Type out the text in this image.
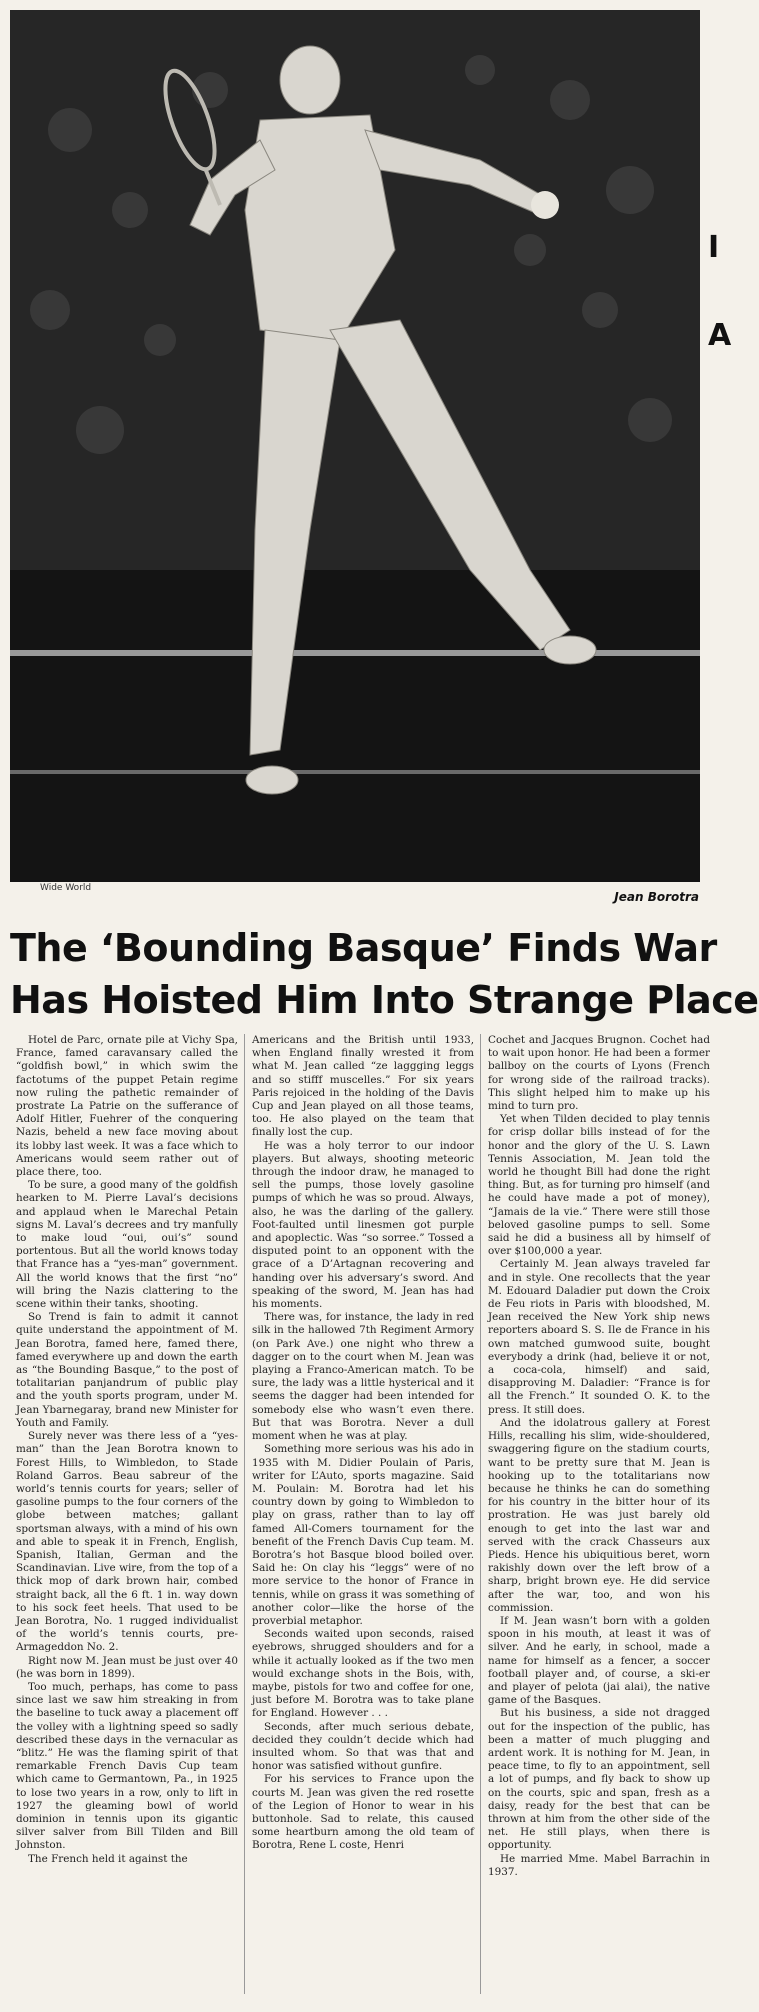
Wide World
Jean Borotra
I
A
The ‘Bounding Basque’ Finds War
Has Hoisted Him Into Strange Place

Hotel de Parc, ornate pile at Vichy Spa, France, famed caravansary called the “goldfish bowl,” in which swim the factotums of the puppet Petain regime now ruling the pathetic remainder of prostrate La Patrie on the sufferance of Adolf Hitler, Fuehrer of the conquering Nazis, beheld a new face moving about its lobby last week. It was a face which to Americans would seem rather out of place there, too.

To be sure, a good many of the goldfish hearken to M. Pierre Laval’s decisions and applaud when le Marechal Petain signs M. Laval’s decrees and try manfully to make loud “oui, oui’s” sound portentous. But all the world knows today that France has a “yes-man” government. All the world knows that the first “no” will bring the Nazis clattering to the scene within their tanks, shooting.

So Trend is fain to admit it cannot quite understand the appointment of M. Jean Borotra, famed here, famed there, famed everywhere up and down the earth as “the Bounding Basque,” to the post of totalitarian panjandrum of public play and the youth sports program, under M. Jean Ybarnegaray, brand new Minister for Youth and Family.

Surely never was there less of a “yes-man” than the Jean Borotra known to Forest Hills, to Wimbledon, to Stade Roland Garros. Beau sabreur of the world’s tennis courts for years; seller of gasoline pumps to the four corners of the globe between matches; gallant sportsman always, with a mind of his own and able to speak it in French, English, Spanish, Italian, German and the Scandinavian. Live wire, from the top of a thick mop of dark brown hair, combed straight back, all the 6 ft. 1 in. way down to his sock feet heels. That used to be Jean Borotra, No. 1 rugged individualist of the world’s tennis courts, pre-Armageddon No. 2.

Right now M. Jean must be just over 40 (he was born in 1899).

Too much, perhaps, has come to pass since last we saw him streaking in from the baseline to tuck away a placement off the volley with a lightning speed so sadly described these days in the vernacular as “blitz.” He was the flaming spirit of that remarkable French Davis Cup team which came to Germantown, Pa., in 1925 to lose two years in a row, only to lift in 1927 the gleaming bowl of world dominion in tennis upon its gigantic silver salver from Bill Tilden and Bill Johnston.

The French held it against the

Americans and the British until 1933, when England finally wrested it from what M. Jean called “ze laggging leggs and so stifff muscelles.” For six years Paris rejoiced in the holding of the Davis Cup and Jean played on all those teams, too. He also played on the team that finally lost the cup.

He was a holy terror to our indoor players. But always, shooting meteoric through the indoor draw, he managed to sell the pumps, those lovely gasoline pumps of which he was so proud. Always, also, he was the darling of the gallery. Foot-faulted until linesmen got purple and apoplectic. Was “so sorree.” Tossed a disputed point to an opponent with the grace of a D’Artagnan recovering and handing over his adversary’s sword. And speaking of the sword, M. Jean has had his moments.

There was, for instance, the lady in red silk in the hallowed 7th Regiment Armory (on Park Ave.) one night who threw a dagger on to the court when M. Jean was playing a Franco-American match. To be sure, the lady was a little hysterical and it seems the dagger had been intended for somebody else who wasn’t even there. But that was Borotra. Never a dull moment when he was at play.

Something more serious was his ado in 1935 with M. Didier Poulain of Paris, writer for L’Auto, sports magazine. Said M. Poulain: M. Borotra had let his country down by going to Wimbledon to play on grass, rather than to lay off famed All-Comers tournament for the benefit of the French Davis Cup team. M. Borotra’s hot Basque blood boiled over. Said he: On clay his “leggs” were of no more service to the honor of France in tennis, while on grass it was something of another color—like the horse of the proverbial metaphor.

Seconds waited upon seconds, raised eyebrows, shrugged shoulders and for a while it actually looked as if the two men would exchange shots in the Bois, with, maybe, pistols for two and coffee for one, just before M. Borotra was to take plane for England. However . . .

Seconds, after much serious debate, decided they couldn’t decide which had insulted whom. So that was that and honor was satisfied without gunfire.

For his services to France upon the courts M. Jean was given the red rosette of the Legion of Honor to wear in his buttonhole. Sad to relate, this caused some heartburn among the old team of Borotra, Rene L coste, Henri

Cochet and Jacques Brugnon. Cochet had to wait upon honor. He had been a former ballboy on the courts of Lyons (French for wrong side of the railroad tracks). This slight helped him to make up his mind to turn pro.

Yet when Tilden decided to play tennis for crisp dollar bills instead of for the honor and the glory of the U. S. Lawn Tennis Association, M. Jean told the world he thought Bill had done the right thing. But, as for turning pro himself (and he could have made a pot of money), “Jamais de la vie.” There were still those beloved gasoline pumps to sell. Some said he did a business all by himself of over $100,000 a year.

Certainly M. Jean always traveled far and in style. One recollects that the year M. Edouard Daladier put down the Croix de Feu riots in Paris with bloodshed, M. Jean received the New York ship news reporters aboard S. S. Ile de France in his own matched gumwood suite, bought everybody a drink (had, believe it or not, a coca-cola, himself) and said, disapproving M. Daladier: “France is for all the French.” It sounded O. K. to the press. It still does.

And the idolatrous gallery at Forest Hills, recalling his slim, wide-shouldered, swaggering figure on the stadium courts, want to be pretty sure that M. Jean is hooking up to the totalitarians now because he thinks he can do something for his country in the bitter hour of its prostration. He was just barely old enough to get into the last war and served with the crack Chasseurs aux Pieds. Hence his ubiquitious beret, worn rakishly down over the left brow of a sharp, bright brown eye. He did service after the war, too, and won his commission.

If M. Jean wasn’t born with a golden spoon in his mouth, at least it was of silver. And he early, in school, made a name for himself as a fencer, a soccer football player and, of course, a ski-er and player of pelota (jai alai), the native game of the Basques.

But his business, a side not dragged out for the inspection of the public, has been a matter of much plugging and ardent work. It is nothing for M. Jean, in peace time, to fly to an appointment, sell a lot of pumps, and fly back to show up on the courts, spic and span, fresh as a daisy, ready for the best that can be thrown at him from the other side of the net. He still plays, when there is opportunity.

He married Mme. Mabel Barrachin in 1937.
